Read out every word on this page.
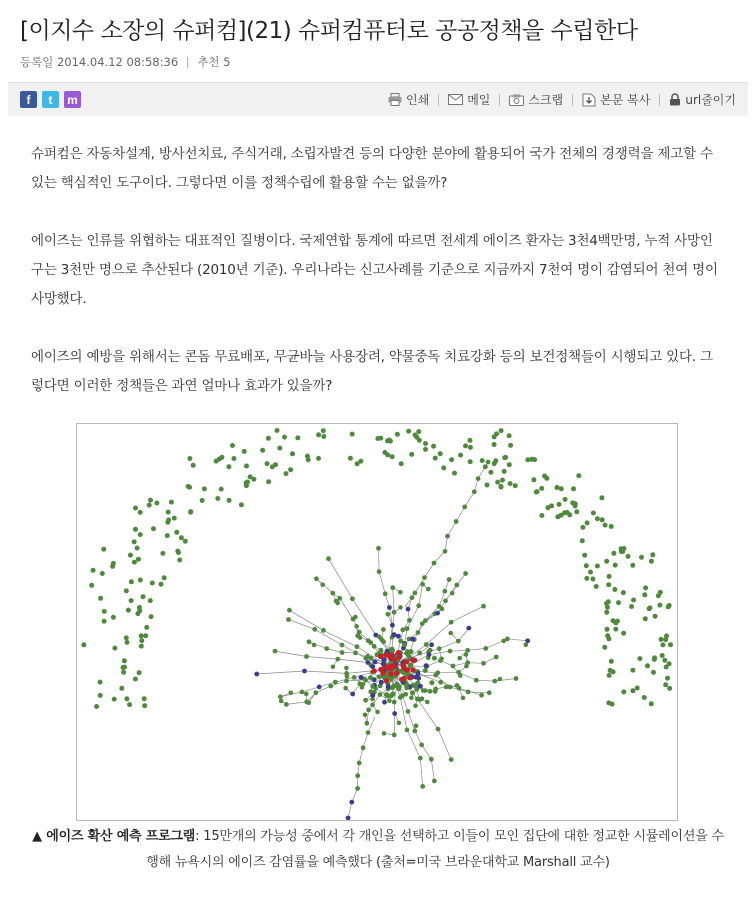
[이지수 소장의 슈퍼컴](21) 슈퍼컴퓨터로 공공정책을 수립한다
등록일 2014.04.12 08:58:36 | 추천 5
f t m	인쇄	메일	스크랩	본문 복사	url줄이기

슈퍼컴은 자동차설계, 방사선치료, 주식거래, 소립자발견 등의 다양한 분야에 활용되어 국가 전체의 경쟁력을 제고할 수 있는 핵심적인 도구이다. 그렇다면 이를 정책수립에 활용할 수는 없을까?

에이즈는 인류를 위협하는 대표적인 질병이다. 국제연합 통계에 따르면 전세계 에이즈 환자는 3천4백만명, 누적 사망인구는 3천만 명으로 추산된다 (2010년 기준). 우리나라는 신고사례를 기준으로 지금까지 7천여 명이 감염되어 천여 명이 사망했다.

에이즈의 예방을 위해서는 콘돔 무료배포, 무균바늘 사용장려, 약물중독 치료강화 등의 보건정책들이 시행되고 있다. 그렇다면 이러한 정책들은 과연 얼마나 효과가 있을까?

▲ 에이즈 확산 예측 프로그램: 15만개의 가능성 중에서 각 개인을 선택하고 이들이 모인 집단에 대한 정교한 시뮬레이션을 수행해 뉴욕시의 에이즈 감염률을 예측했다 (출처=미국 브라운대학교 Marshall 교수)
